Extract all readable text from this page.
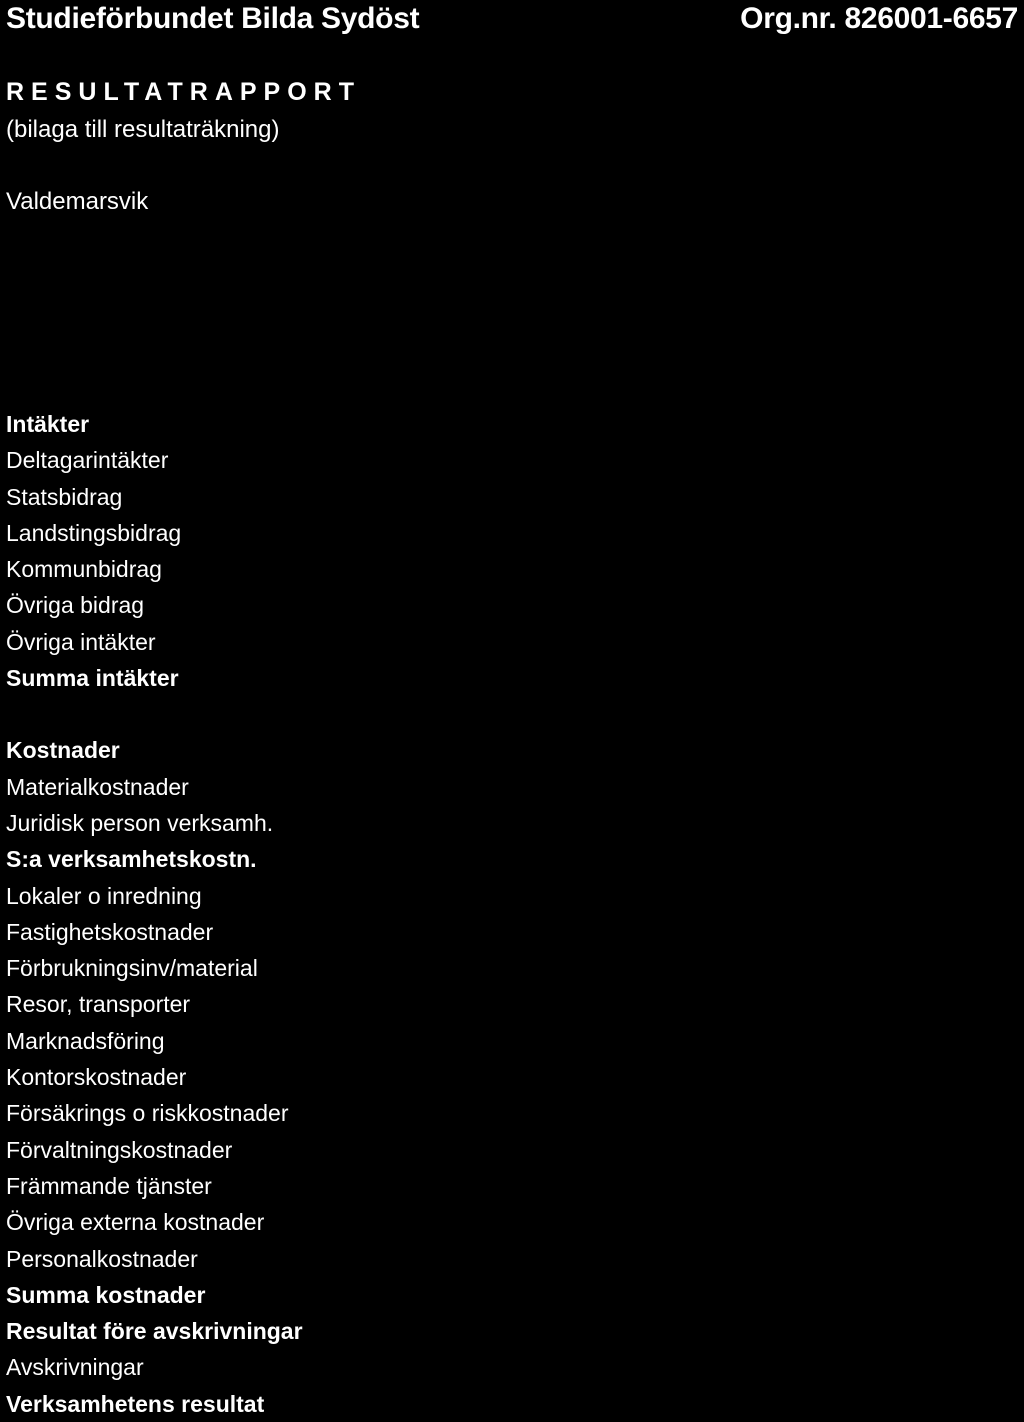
Studieförbundet Bilda Sydöst	Org.nr. 826001-6657
RESULTATRAPPORT
(bilaga till resultaträkning)
Valdemarsvik
Intäkter
Deltagarintäkter
Statsbidrag
Landstingsbidrag
Kommunbidrag
Övriga bidrag
Övriga intäkter
Summa intäkter
Kostnader
Materialkostnader
Juridisk person verksamh.
S:a verksamhetskostn.
Lokaler o inredning
Fastighetskostnader
Förbrukningsinv/material
Resor, transporter
Marknadsföring
Kontorskostnader
Försäkrings o riskkostnader
Förvaltningskostnader
Främmande tjänster
Övriga externa kostnader
Personalkostnader
Summa kostnader
Resultat före avskrivningar
Avskrivningar
Verksamhetens resultat
